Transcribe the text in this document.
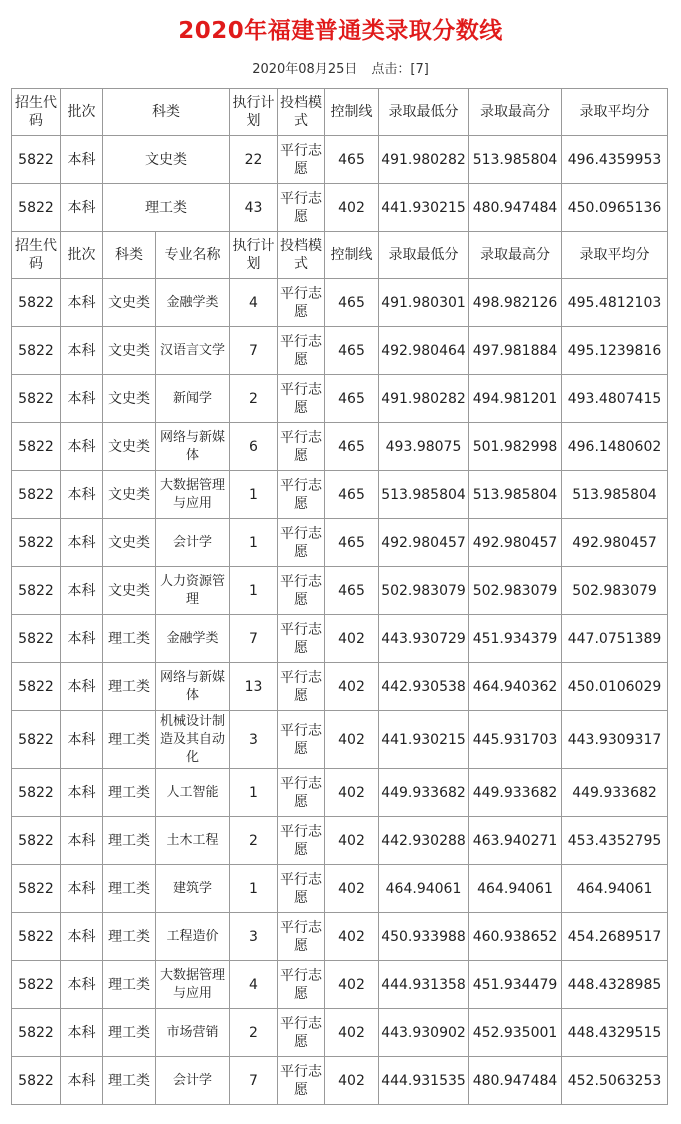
2020年福建普通类录取分数线
2020年08月25日 点击：[7]
招生代码	批次	科类		执行计划	投档模式	控制线	录取最低分	录取最高分	录取平均分
5822	本科	文史类		22	平行志愿	465	491.980282	513.985804	496.4359953
5822	本科	理工类		43	平行志愿	402	441.930215	480.947484	450.0965136
招生代码	批次	科类	专业名称	执行计划	投档模式	控制线	录取最低分	录取最高分	录取平均分
5822	本科	文史类	金融学类	4	平行志愿	465	491.980301	498.982126	495.4812103
5822	本科	文史类	汉语言文学	7	平行志愿	465	492.980464	497.981884	495.1239816
5822	本科	文史类	新闻学	2	平行志愿	465	491.980282	494.981201	493.4807415
5822	本科	文史类	网络与新媒体	6	平行志愿	465	493.98075	501.982998	496.1480602
5822	本科	文史类	大数据管理与应用	1	平行志愿	465	513.985804	513.985804	513.985804
5822	本科	文史类	会计学	1	平行志愿	465	492.980457	492.980457	492.980457
5822	本科	文史类	人力资源管理	1	平行志愿	465	502.983079	502.983079	502.983079
5822	本科	理工类	金融学类	7	平行志愿	402	443.930729	451.934379	447.0751389
5822	本科	理工类	网络与新媒体	13	平行志愿	402	442.930538	464.940362	450.0106029
5822	本科	理工类	机械设计制造及其自动化	3	平行志愿	402	441.930215	445.931703	443.9309317
5822	本科	理工类	人工智能	1	平行志愿	402	449.933682	449.933682	449.933682
5822	本科	理工类	土木工程	2	平行志愿	402	442.930288	463.940271	453.4352795
5822	本科	理工类	建筑学	1	平行志愿	402	464.94061	464.94061	464.94061
5822	本科	理工类	工程造价	3	平行志愿	402	450.933988	460.938652	454.2689517
5822	本科	理工类	大数据管理与应用	4	平行志愿	402	444.931358	451.934479	448.4328985
5822	本科	理工类	市场营销	2	平行志愿	402	443.930902	452.935001	448.4329515
5822	本科	理工类	会计学	7	平行志愿	402	444.931535	480.947484	452.5063253
